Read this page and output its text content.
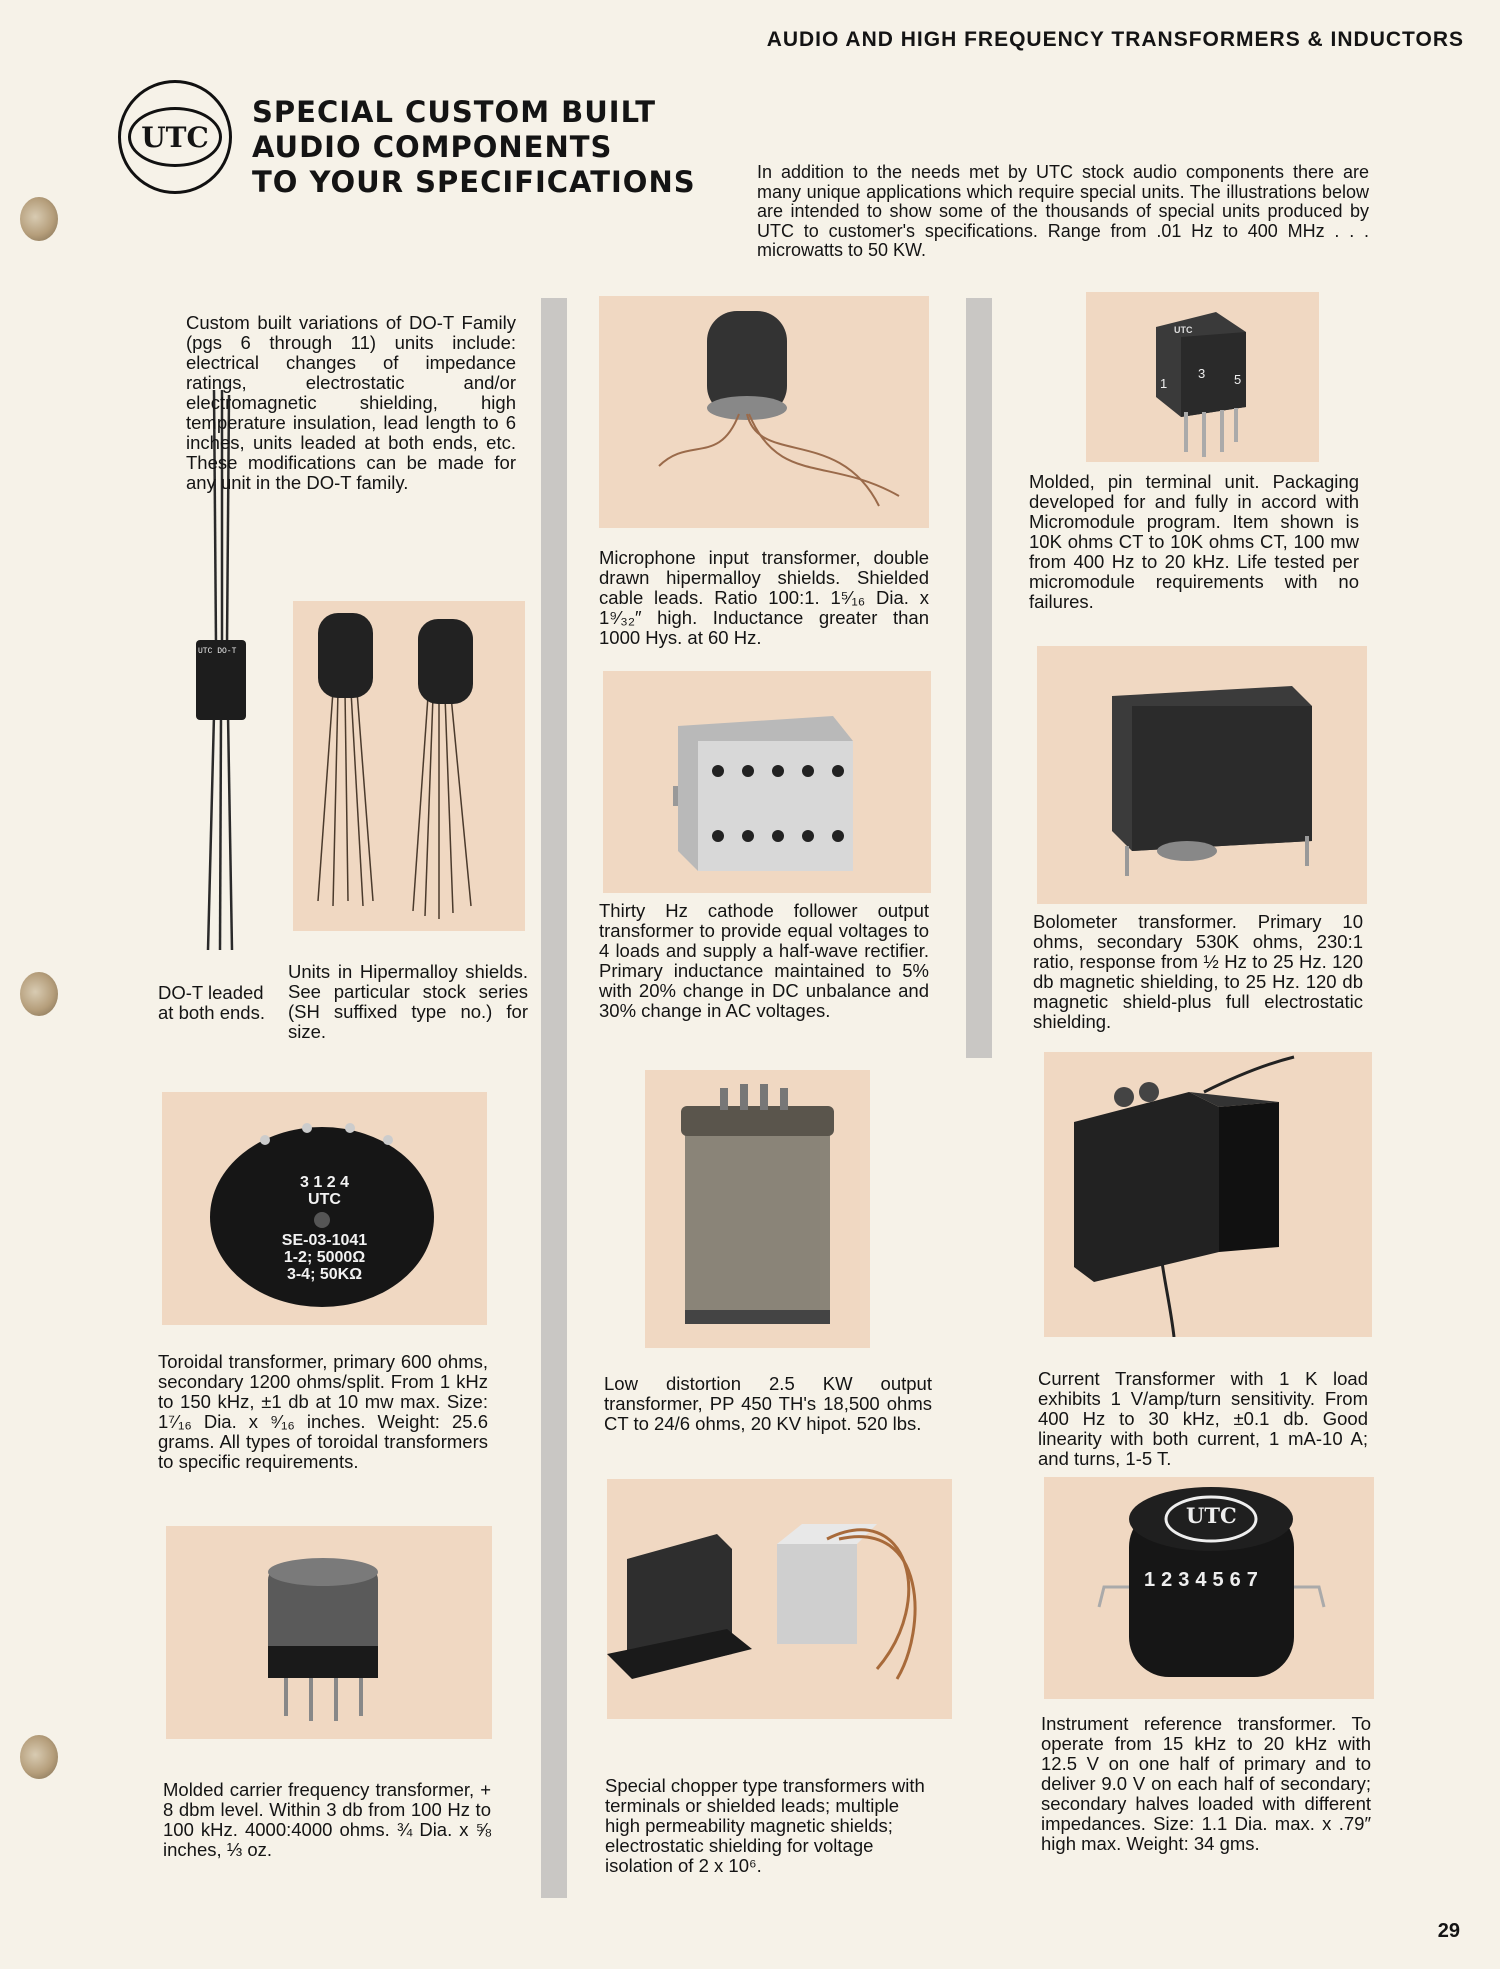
AUDIO AND HIGH FREQUENCY TRANSFORMERS & INDUCTORS
UTC
SPECIAL CUSTOM BUILT
AUDIO COMPONENTS
TO YOUR SPECIFICATIONS	In addition to the needs met by UTC stock audio components there are many unique applications which require special units. The illustrations below are intended to show some of the thousands of special units produced by UTC to customer's specifications. Range from .01 Hz to 400 MHz . . . microwatts to 50 KW.
UTC DO-T
Custom built variations of DO-T Family (pgs 6 through 11) units include: electrical changes of impedance ratings, electrostatic and/or electromagnetic shielding, high temperature insulation, lead length to 6 inches, units leaded at both ends, etc. These modifications can be made for any unit in the DO-T family.
DO-T leaded at both ends.
Units in Hipermalloy shields. See particular stock series (SH suffixed type no.) for size.
3 1 2 4
UTC
SE-03-1041
1-2; 5000Ω
3-4; 50KΩ
Toroidal transformer, primary 600 ohms, secondary 1200 ohms/split. From 1 kHz to 150 kHz, ±1 db at 10 mw max. Size: 1⁷⁄₁₆ Dia. x ⁹⁄₁₆ inches. Weight: 25.6 grams. All types of toroidal transformers to specific requirements.
Molded carrier frequency transformer, + 8 dbm level. Within 3 db from 100 Hz to 100 kHz. 4000:4000 ohms. ¾ Dia. x ⅝ inches, ⅓ oz.
Microphone input transformer, double drawn hipermalloy shields. Shielded cable leads. Ratio 100:1. 1⁵⁄₁₆ Dia. x 1⁹⁄₃₂″ high. Inductance greater than 1000 Hys. at 60 Hz.
Thirty Hz cathode follower output transformer to provide equal voltages to 4 loads and supply a half-wave rectifier. Primary inductance maintained to 5% with 20% change in DC unbalance and 30% change in AC voltages.
Low distortion 2.5 KW output transformer, PP 450 TH's 18,500 ohms CT to 24/6 ohms, 20 KV hipot. 520 lbs.
Special chopper type transformers with terminals or shielded leads; multiple high permeability magnetic shields; electrostatic shielding for voltage isolation of 2 x 10⁶.
UTC
1
3 5
Molded, pin terminal unit. Packaging developed for and fully in accord with Micromodule program. Item shown is 10K ohms CT to 10K ohms CT, 100 mw from 400 Hz to 20 kHz. Life tested per micromodule requirements with no failures.
Bolometer transformer. Primary 10 ohms, secondary 530K ohms, 230:1 ratio, response from ½ Hz to 25 Hz. 120 db magnetic shielding, to 25 Hz. 120 db magnetic shield-plus full electrostatic shielding.
Current Transformer with 1 K load exhibits 1 V/amp/turn sensitivity. From 400 Hz to 30 kHz, ±0.1 db. Good linearity with both current, 1 mA-10 A; and turns, 1-5 T.
UTC
1 2 3 4 5 6 7
Instrument reference transformer. To operate from 15 kHz to 20 kHz with 12.5 V on one half of primary and to deliver 9.0 V on each half of secondary; secondary halves loaded with different impedances. Size: 1.1 Dia. max. x .79″ high max. Weight: 34 gms.
29
